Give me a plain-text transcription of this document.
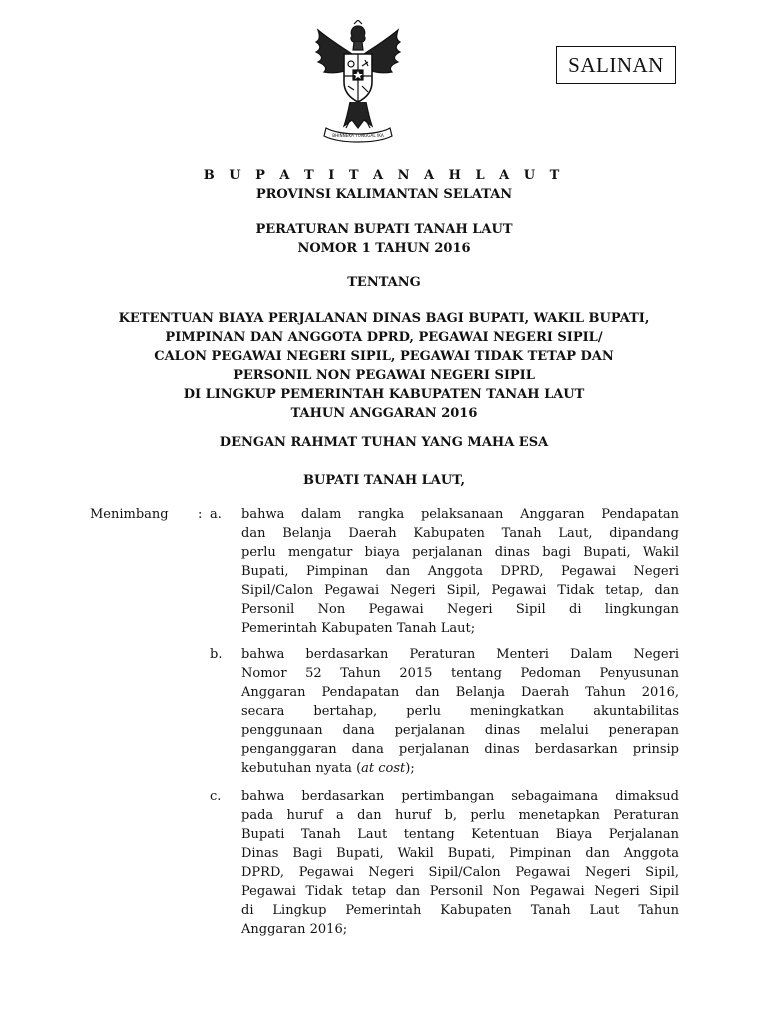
BHINNEKA TUNGGAL IKA
SALINAN
B U P A T I T A N A H L A U T
PROVINSI KALIMANTAN SELATAN
PERATURAN BUPATI TANAH LAUT
NOMOR 1 TAHUN 2016
TENTANG
KETENTUAN BIAYA PERJALANAN DINAS BAGI BUPATI, WAKIL BUPATI,
PIMPINAN DAN ANGGOTA DPRD, PEGAWAI NEGERI SIPIL/
CALON PEGAWAI NEGERI SIPIL, PEGAWAI TIDAK TETAP DAN
PERSONIL NON PEGAWAI NEGERI SIPIL
DI LINGKUP PEMERINTAH KABUPATEN TANAH LAUT
TAHUN ANGGARAN 2016
DENGAN RAHMAT TUHAN YANG MAHA ESA
BUPATI TANAH LAUT,
Menimbang : a. bahwa dalam rangka pelaksanaan Anggaran Pendapatan
dan Belanja Daerah Kabupaten Tanah Laut, dipandang
perlu mengatur biaya perjalanan dinas bagi Bupati, Wakil
Bupati, Pimpinan dan Anggota DPRD, Pegawai Negeri
Sipil/Calon Pegawai Negeri Sipil, Pegawai Tidak tetap, dan
Personil Non Pegawai Negeri Sipil di lingkungan
Pemerintah Kabupaten Tanah Laut;
b. bahwa berdasarkan Peraturan Menteri Dalam Negeri
Nomor 52 Tahun 2015 tentang Pedoman Penyusunan
Anggaran Pendapatan dan Belanja Daerah Tahun 2016,
secara bertahap, perlu meningkatkan akuntabilitas
penggunaan dana perjalanan dinas melalui penerapan
penganggaran dana perjalanan dinas berdasarkan prinsip
kebutuhan nyata (at cost);
c. bahwa berdasarkan pertimbangan sebagaimana dimaksud
pada huruf a dan huruf b, perlu menetapkan Peraturan
Bupati Tanah Laut tentang Ketentuan Biaya Perjalanan
Dinas Bagi Bupati, Wakil Bupati, Pimpinan dan Anggota
DPRD, Pegawai Negeri Sipil/Calon Pegawai Negeri Sipil,
Pegawai Tidak tetap dan Personil Non Pegawai Negeri Sipil
di Lingkup Pemerintah Kabupaten Tanah Laut Tahun
Anggaran 2016;
